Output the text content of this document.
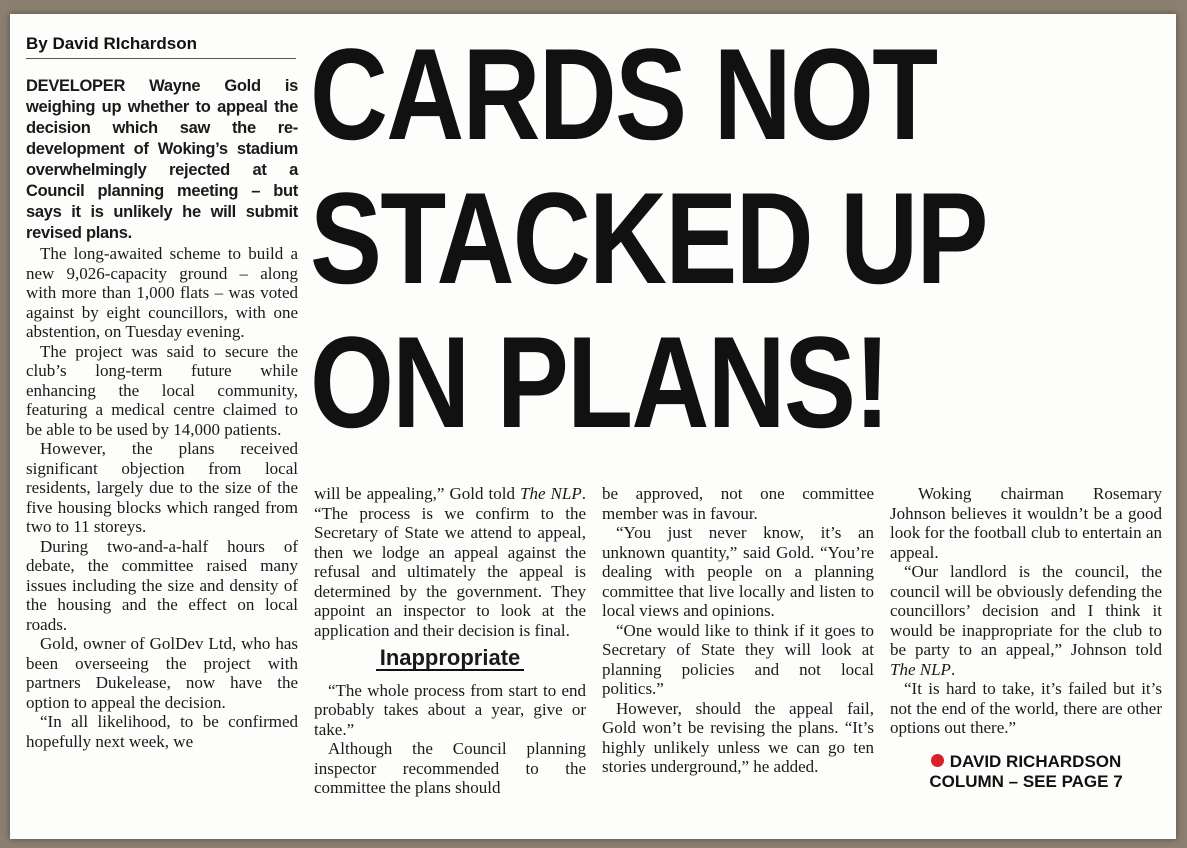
By David RIchardson CARDS NOT
STACKED UP
ON PLANS!

DEVELOPER Wayne Gold is weighing up whether to appeal the decision which saw the re-development of Woking’s stadium overwhelmingly rejected at a Council planning meeting – but says it is unlikely he will submit revised plans.

The long-awaited scheme to build a new 9,026-capacity ground – along with more than 1,000 flats – was voted against by eight councillors, with one abstention, on Tuesday evening.

The project was said to secure the club’s long-term future while enhancing the local community, featuring a medical centre claimed to be able to be used by 14,000 patients.

However, the plans received significant objection from local residents, largely due to the size of the five housing blocks which ranged from two to 11 storeys.

During two-and-a-half hours of debate, the committee raised many issues including the size and density of the housing and the effect on local roads.

Gold, owner of GolDev Ltd, who has been overseeing the project with partners Dukelease, now have the option to appeal the decision.

“In all likelihood, to be confirmed hopefully next week, we

will be appealing,” Gold told The NLP. “The process is we confirm to the Secretary of State we attend to appeal, then we lodge an appeal against the refusal and ultimately the appeal is determined by the government. They appoint an inspector to look at the application and their decision is final.

Inappropriate

“The whole process from start to end probably takes about a year, give or take.”

Although the Council planning inspector recommended to the committee the plans should

be approved, not one committee member was in favour.

“You just never know, it’s an unknown quantity,” said Gold. “You’re dealing with people on a planning committee that live locally and listen to local views and opinions.

“One would like to think if it goes to Secretary of State they will look at planning policies and not local politics.”

However, should the appeal fail, Gold won’t be revising the plans. “It’s highly unlikely unless we can go ten stories underground,” he added.

Woking chairman Rosemary Johnson believes it wouldn’t be a good look for the football club to entertain an appeal.

“Our landlord is the council, the council will be obviously defending the councillors’ decision and I think it would be inappropriate for the club to be party to an appeal,” Johnson told The NLP.

“It is hard to take, it’s failed but it’s not the end of the world, there are other options out there.”

DAVID RICHARDSON
COLUMN – SEE PAGE 7
